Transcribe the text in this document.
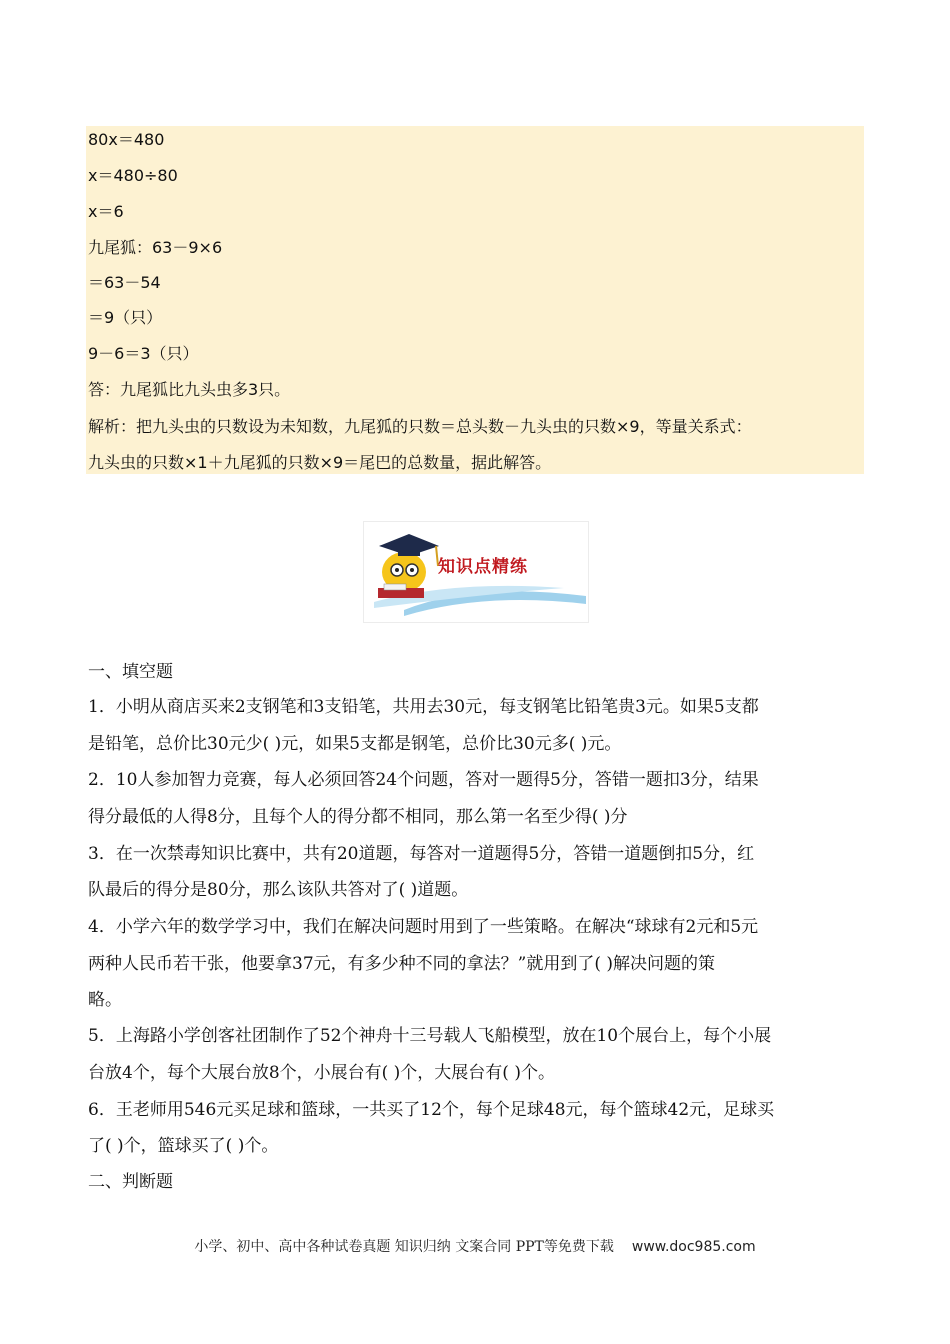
80x＝480
x＝480÷80
x＝6
九尾狐：63－9×6
＝63－54
＝9（只）
9－6＝3（只）
答：九尾狐比九头虫多3只。
解析：把九头虫的只数设为未知数，九尾狐的只数＝总头数－九头虫的只数×9，等量关系式：
九头虫的只数×1＋九尾狐的只数×9＝尾巴的总数量，据此解答。
知识点精练
一、填空题
1．小明从商店买来2支钢笔和3支铅笔，共用去30元，每支钢笔比铅笔贵3元。如果5支都
是铅笔，总价比30元少( )元，如果5支都是钢笔，总价比30元多( )元。
2．10人参加智力竞赛，每人必须回答24个问题，答对一题得5分，答错一题扣3分，结果
得分最低的人得8分，且每个人的得分都不相同，那么第一名至少得( )分
3．在一次禁毒知识比赛中，共有20道题，每答对一道题得5分，答错一道题倒扣5分，红
队最后的得分是80分，那么该队共答对了( )道题。
4．小学六年的数学学习中，我们在解决问题时用到了一些策略。在解决“球球有2元和5元
两种人民币若干张，他要拿37元，有多少种不同的拿法？”就用到了( )解决问题的策
略。
5．上海路小学创客社团制作了52个神舟十三号载人飞船模型，放在10个展台上，每个小展
台放4个，每个大展台放8个，小展台有( )个，大展台有( )个。
6．王老师用546元买足球和篮球，一共买了12个，每个足球48元，每个篮球42元，足球买
了( )个，篮球买了( )个。
二、判断题
小学、初中、高中各种试卷真题 知识归纳 文案合同 PPT等免费下载 www.doc985.com
